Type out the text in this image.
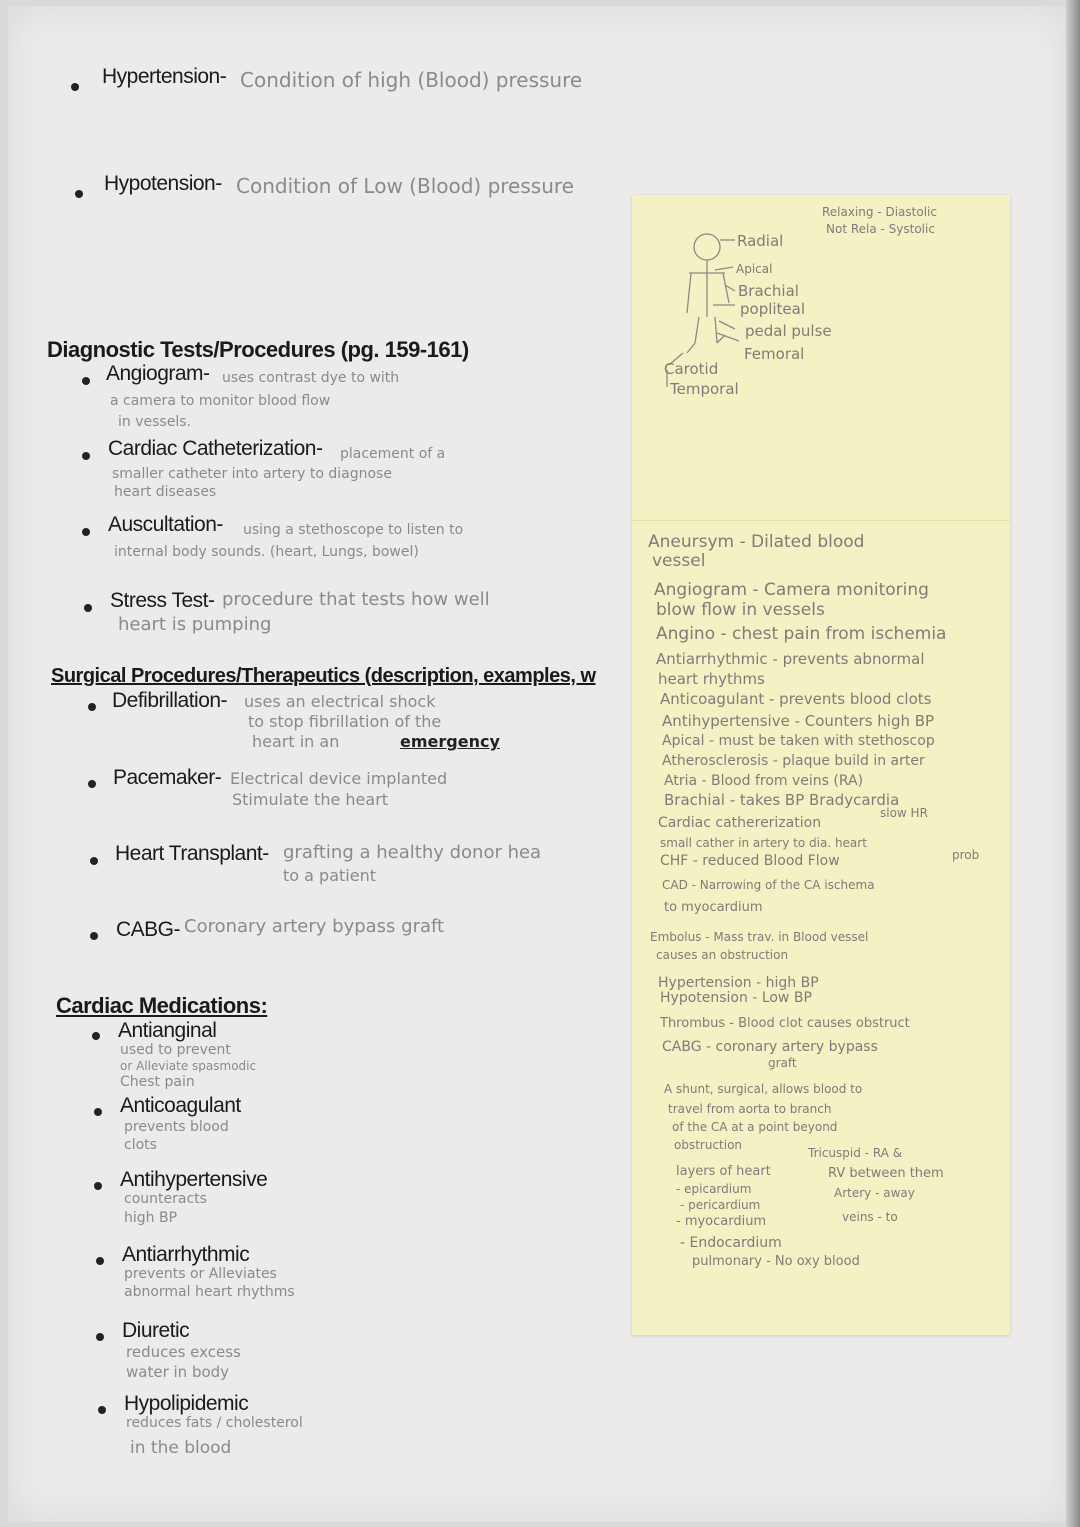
Hypertension- Condition of high (Blood) pressure
Hypotension- Condition of Low (Blood) pressure
Diagnostic Tests/Procedures (pg. 159-161)
Angiogram- uses contrast dye to with
a camera to monitor blood flow
in vessels.
Cardiac Catheterization- placement of a
smaller catheter into artery to diagnose
heart diseases
Auscultation- using a stethoscope to listen to
internal body sounds. (heart, Lungs, bowel)
Stress Test- procedure that tests how well
heart is pumping
Surgical Procedures/Therapeutics (description, examples, w
Defibrillation- uses an electrical shock
to stop fibrillation of the
heart in an	emergency
Pacemaker- Electrical device implanted
Stimulate the heart
Heart Transplant- grafting a healthy donor hea
to a patient
CABG- Coronary artery bypass graft
Cardiac Medications:
Antianginal
used to prevent
or Alleviate spasmodic
Chest pain
Anticoagulant
prevents blood
clots
Antihypertensive
counteracts
high BP
Antiarrhythmic
prevents or Alleviates
abnormal heart rhythms
Diuretic
reduces excess
water in body
Hypolipidemic
reduces fats / cholesterol
in the blood
Relaxing - Diastolic
Not Rela - Systolic
Radial
Apical
Brachial
popliteal
pedal pulse
Femoral
Carotid
Temporal
Aneursym - Dilated blood
vessel
Angiogram - Camera monitoring
blow flow in vessels
Angino - chest pain from ischemia
Antiarrhythmic - prevents abnormal
heart rhythms
Anticoagulant - prevents blood clots
Antihypertensive - Counters high BP
Apical - must be taken with stethoscop
Atherosclerosis - plaque build in arter
Atria - Blood from veins (RA)
Brachial - takes BP Bradycardia
slow HR
Cardiac cathererization
small cather in artery to dia. heart
prob
CHF - reduced Blood Flow
CAD - Narrowing of the CA ischema
to myocardium
Embolus - Mass trav. in Blood vessel
causes an obstruction
Hypertension - high BP
Hypotension - Low BP
Thrombus - Blood clot causes obstruct
CABG - coronary artery bypass
graft
A shunt, surgical, allows blood to
travel from aorta to branch
of the CA at a point beyond
obstruction
layers of heart
- epicardium
- pericardium
- myocardium
- Endocardium
Tricuspid - RA &
RV between them
Artery - away
veins - to
pulmonary - No oxy blood
